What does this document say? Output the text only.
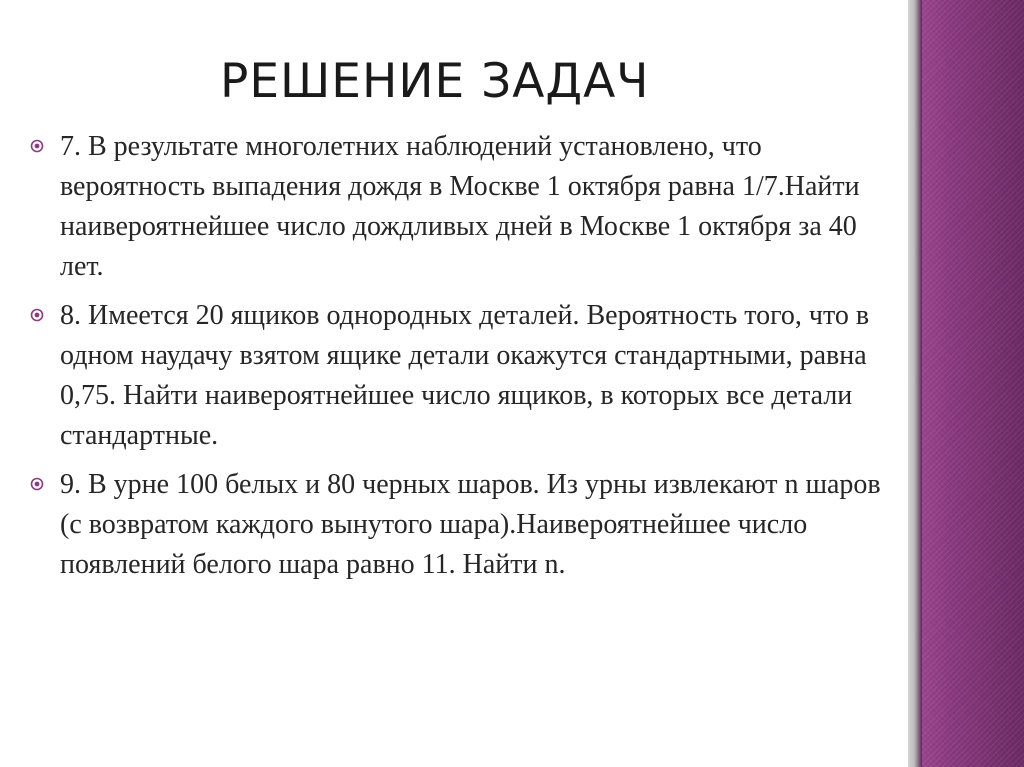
РЕШЕНИЕ ЗАДАЧ

7. В результате многолетних наблюдений установлено, что вероятность выпадения дождя в Москве 1 октября равна 1/7.Найти наивероятнейшее число дождливых дней в Москве 1 октября за 40 лет.

8. Имеется 20 ящиков однородных деталей. Вероятность того, что в одном наудачу взятом ящике детали окажутся стандартными, равна 0,75. Найти наивероятнейшее число ящиков, в которых все детали стандартные.

9. В урне 100 белых и 80 черных шаров. Из урны извлекают n шаров (с возвратом каждого вынутого шара).Наивероятнейшее число появлений белого шара равно 11. Найти n.
